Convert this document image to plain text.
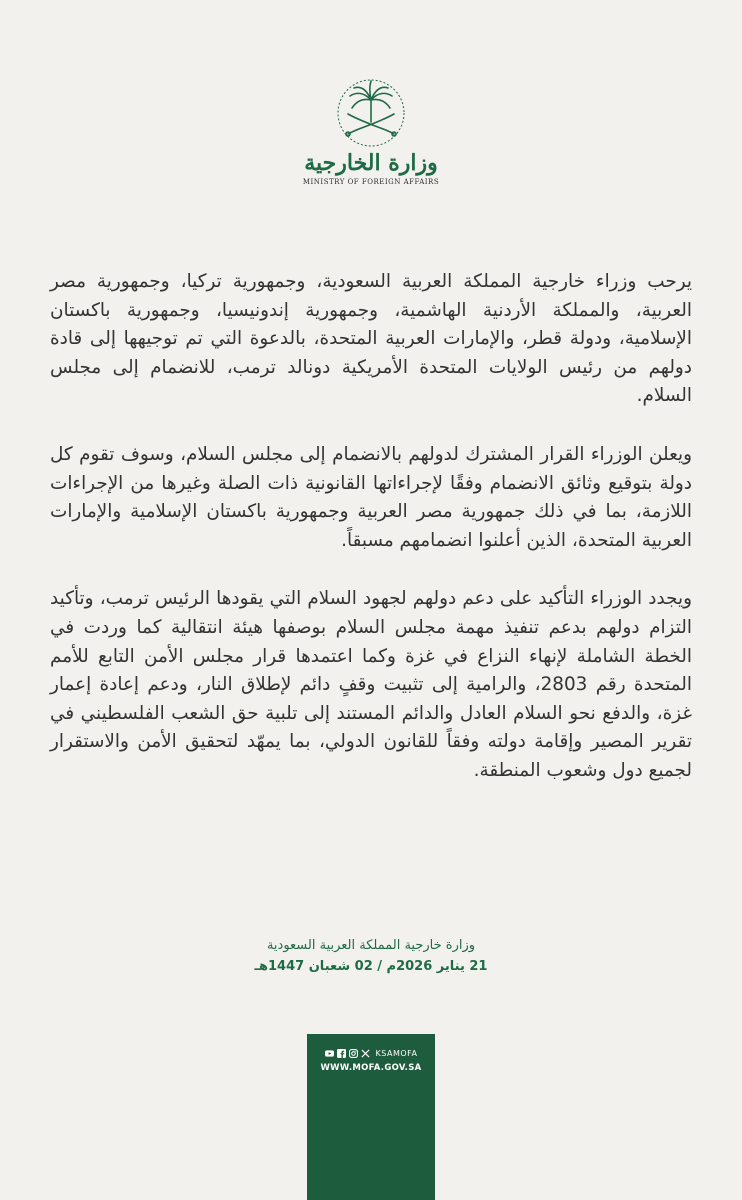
وزارة الخارجية
MINISTRY OF FOREIGN AFFAIRS

يرحب وزراء خارجية المملكة العربية السعودية، وجمهورية تركيا، وجمهورية مصر العربية، والمملكة الأردنية الهاشمية، وجمهورية إندونيسيا، وجمهورية باكستان الإسلامية، ودولة قطر، والإمارات العربية المتحدة، بالدعوة التي تم توجيهها إلى قادة دولهم من رئيس الولايات المتحدة الأمريكية دونالد ترمب، للانضمام إلى مجلس السلام.

ويعلن الوزراء القرار المشترك لدولهم بالانضمام إلى مجلس السلام، وسوف تقوم كل دولة بتوقيع وثائق الانضمام وفقًا لإجراءاتها القانونية ذات الصلة وغيرها من الإجراءات اللازمة، بما في ذلك جمهورية مصر العربية وجمهورية باكستان الإسلامية والإمارات العربية المتحدة، الذين أعلنوا انضمامهم مسبقاً.

ويجدد الوزراء التأكيد على دعم دولهم لجهود السلام التي يقودها الرئيس ترمب، وتأكيد التزام دولهم بدعم تنفيذ مهمة مجلس السلام بوصفها هيئة انتقالية كما وردت في الخطة الشاملة لإنهاء النزاع في غزة وكما اعتمدها قرار مجلس الأمن التابع للأمم المتحدة رقم 2803، والرامية إلى تثبيت وقفٍ دائم لإطلاق النار، ودعم إعادة إعمار غزة، والدفع نحو السلام العادل والدائم المستند إلى تلبية حق الشعب الفلسطيني في تقرير المصير وإقامة دولته وفقاً للقانون الدولي، بما يمهّد لتحقيق الأمن والاستقرار لجميع دول وشعوب المنطقة.

وزارة خارجية المملكة العربية السعودية
21 يناير 2026م / 02 شعبان 1447هـ
KSAMOFA
WWW.MOFA.GOV.SA
